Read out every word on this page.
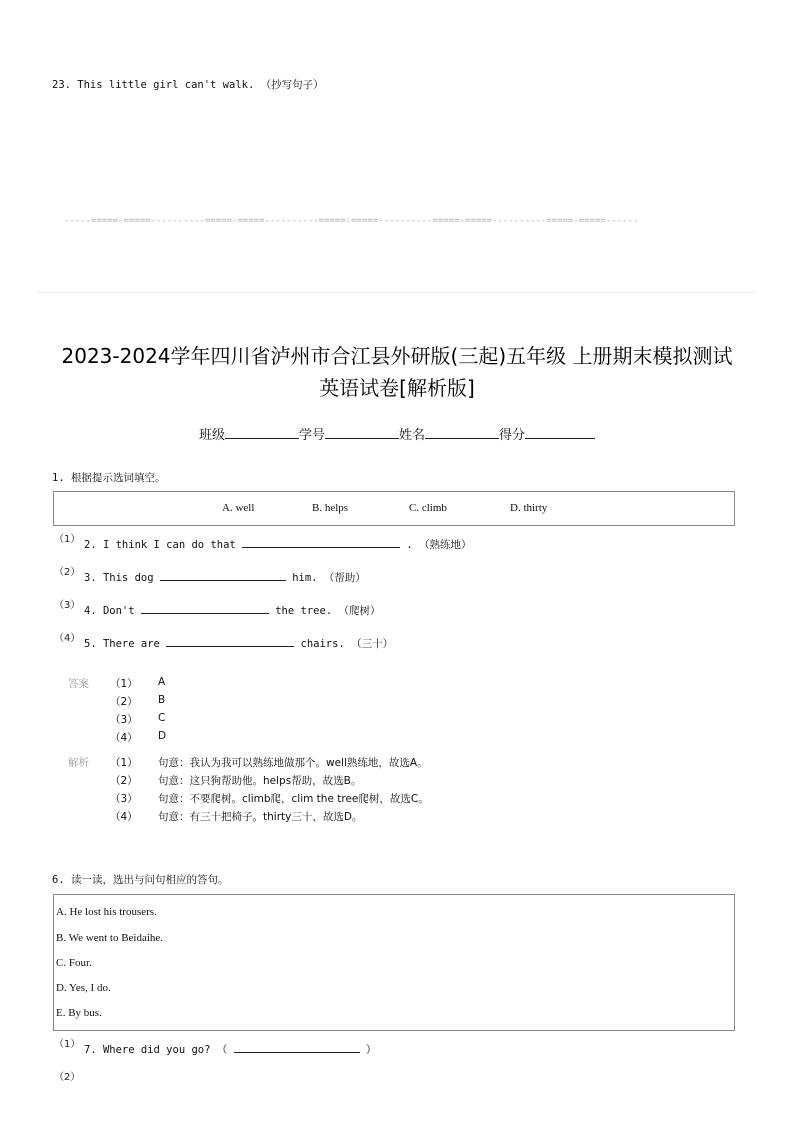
23. This little girl can't walk. （抄写句子）
-----=====☆=====----------=====☆=====----------=====☆=====----------=====☆=====----------=====☆=====------
2023-2024学年四川省泸州市合江县外研版(三起)五年级 上册期末模拟测试
英语试卷[解析版]
班级	学号	姓名	得分
1. 根据提示选词填空。
A. well	B. helps	C. climb	D. thirty
（1） 2. I think I can do that	. （熟练地）
（2） 3. This dog	him. （帮助）
（3） 4. Don't	the tree. （爬树）
（4） 5. There are	chairs. （三十）
答案 （1） A
（2） B
（3） C
（4） D
解析 （1） 句意：我认为我可以熟练地做那个。well熟练地，故选A。
（2） 句意：这只狗帮助他。helps帮助，故选B。
（3） 句意：不要爬树。climb爬，clim the tree爬树，故选C。
（4） 句意：有三十把椅子。thirty三十，故选D。
6. 读一读，选出与问句相应的答句。
A. He lost his trousers.
B. We went to Beidaihe.
C. Four.
D. Yes, I do.
E. By bus.
（1） 7. Where did you go? （	）
（2）
